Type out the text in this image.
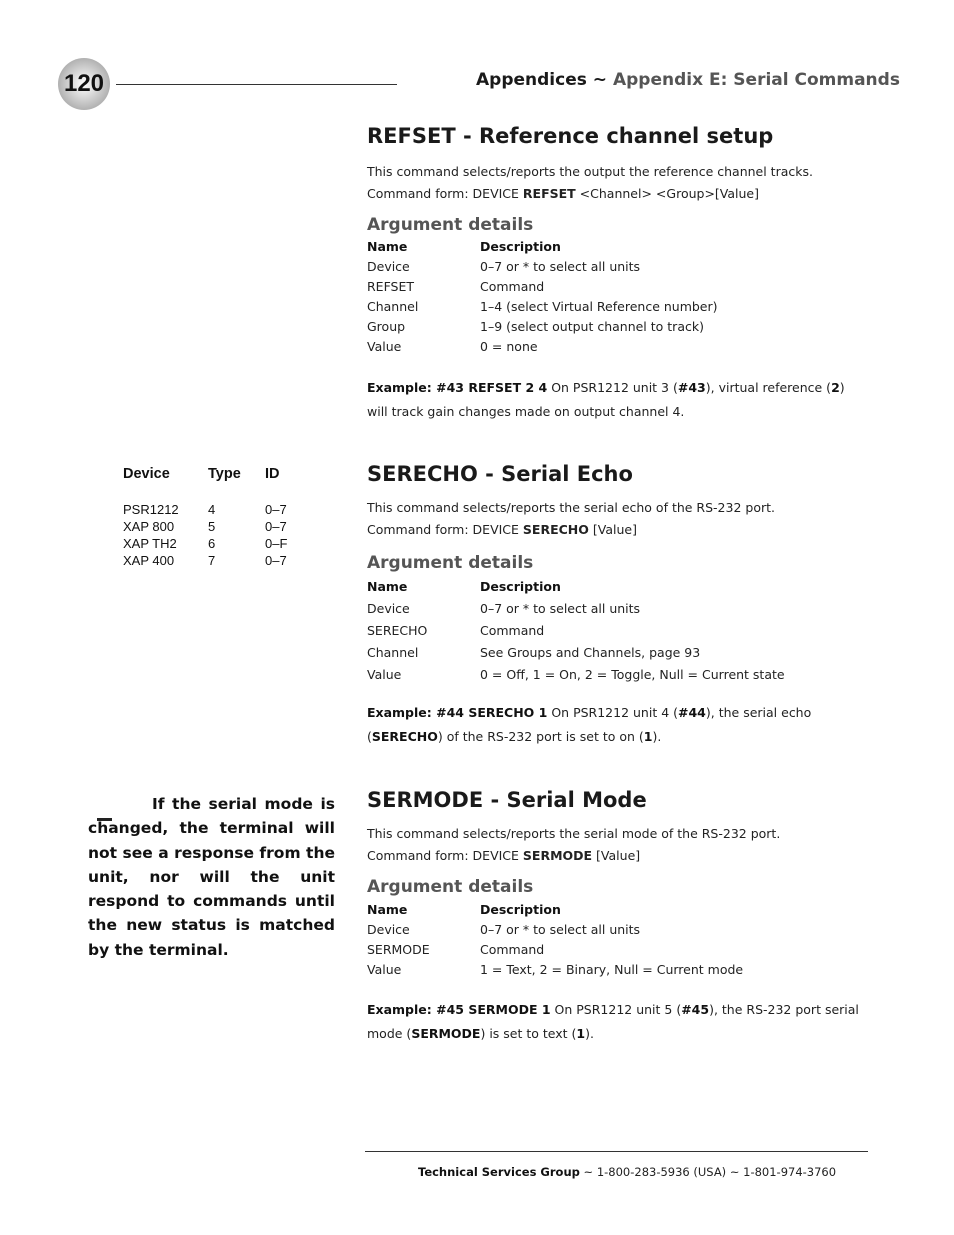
120	Appendices ~ Appendix E: Serial Commands
REFSET - Reference channel setup
This command selects/reports the output the reference channel tracks.
Command form: DEVICE REFSET <Channel> <Group>[Value]
Argument details
Name	Description
Device	0–7 or * to select all units
REFSET	Command
Channel	1–4 (select Virtual Reference number)
Group	1–9 (select output channel to track)
Value	0 = none
Example: #43 REFSET 2 4 On PSR1212 unit 3 (#43), virtual reference (2) will track gain changes made on output channel 4.
Device	Type ID
PSR1212 4	0–7
XAP 800	5	0–7
XAP TH2 6	0–F
XAP 400	7	0–7
SERECHO - Serial Echo
This command selects/reports the serial echo of the RS-232 port.
Command form: DEVICE SERECHO [Value]
Argument details
Name	Description
Device	0–7 or * to select all units
SERECHO	Command
Channel	See Groups and Channels, page 93
Value	0 = Off, 1 = On, 2 = Toggle, Null = Current state
Example: #44 SERECHO 1 On PSR1212 unit 4 (#44), the serial echo (SERECHO) of the RS-232 port is set to on (1).
If the serial mode is changed, the terminal will not see a response from the unit, nor will the unit respond to commands until the new status is matched by the terminal.
SERMODE - Serial Mode
This command selects/reports the serial mode of the RS-232 port.
Command form: DEVICE SERMODE [Value]
Argument details
Name	Description
Device	0–7 or * to select all units
SERMODE	Command
Value	1 = Text, 2 = Binary, Null = Current mode
Example: #45 SERMODE 1 On PSR1212 unit 5 (#45), the RS-232 port serial mode (SERMODE) is set to text (1).
Technical Services Group ~ 1-800-283-5936 (USA) ~ 1-801-974-3760
